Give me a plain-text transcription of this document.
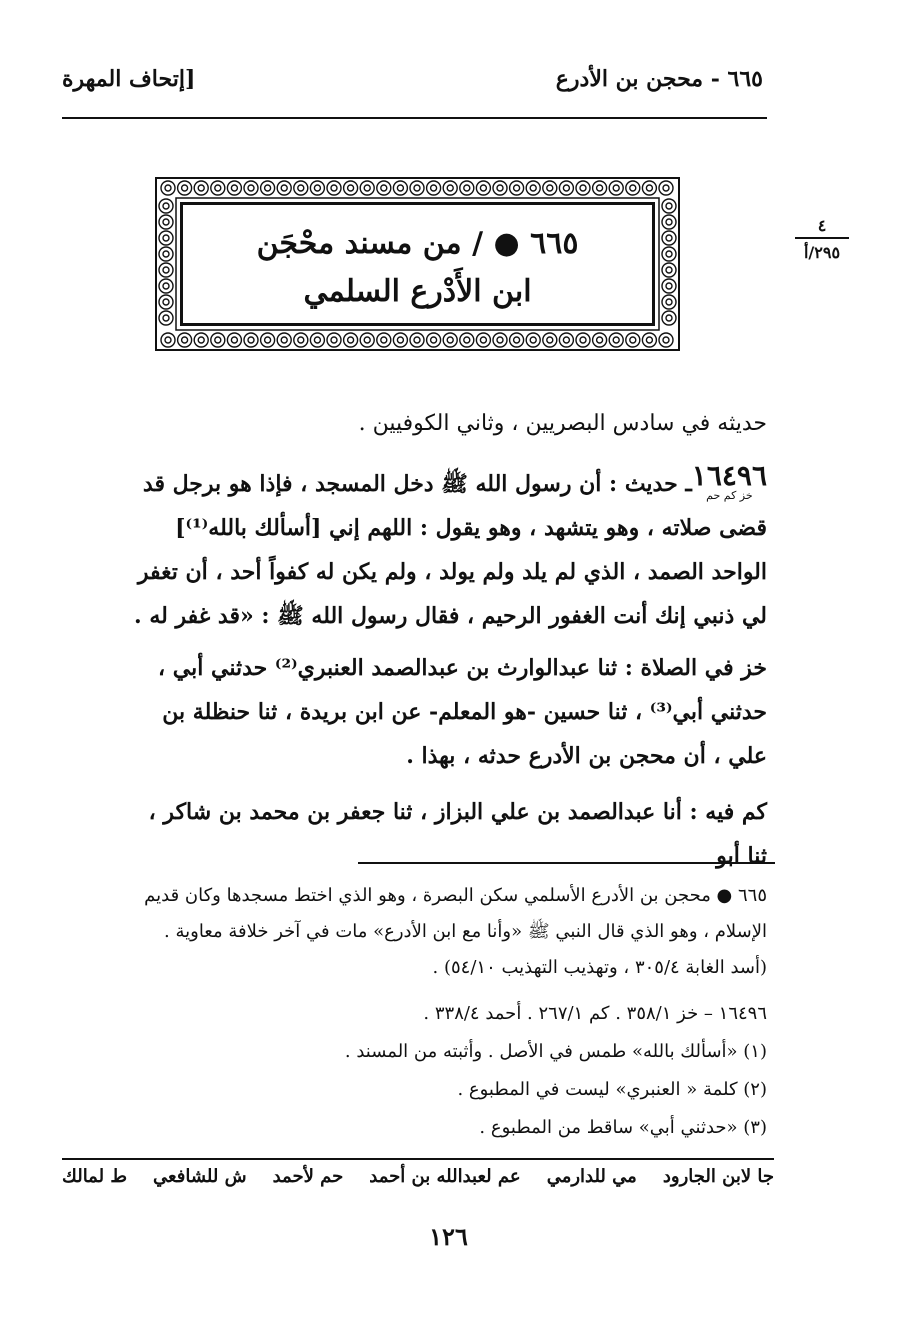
٦٦٥ - محجن بن الأدرع
[إتحاف المهرة
٤
٢٩٥/أ
٦٦٥ ● / من مسند محْجَن
ابن الأَدْرع السلمي
حديثه في سادس البصريين ، وثاني الكوفيين .
١٦٤٩٦
خز كم حم
ـ حديث : أن رسول الله ﷺ دخل المسجد ، فإذا هو برجل قد قضى صلاته ، وهو يتشهد ، وهو يقول : اللهم إني [أسألك بالله⁽¹⁾] الواحد الصمد ، الذي لم يلد ولم يولد ، ولم يكن له كفواً أحد ، أن تغفر لي ذنبي إنك أنت الغفور الرحيم ، فقال رسول الله ﷺ : «قد غفر له .
خز في الصلاة : ثنا عبدالوارث بن عبدالصمد العنبري⁽²⁾ حدثني أبي ، حدثني أبي⁽³⁾ ، ثنا حسين -هو المعلم- عن ابن بريدة ، ثنا حنظلة بن علي ، أن محجن بن الأدرع حدثه ، بهذا .
كم فيه : أنا عبدالصمد بن علي البزاز ، ثنا جعفر بن محمد بن شاكر ، ثنا أبو
٦٦٥ ● محجن بن الأدرع الأسلمي سكن البصرة ، وهو الذي اختط مسجدها وكان قديم الإسلام ، وهو الذي قال النبي ﷺ «وأنا مع ابن الأدرع» مات في آخر خلافة معاوية . (أسد الغابة ٣٠٥/٤ ، وتهذيب التهذيب ٥٤/١٠) .
١٦٤٩٦ – خز ٣٥٨/١ . كم ٢٦٧/١ . أحمد ٣٣٨/٤ .
(١) «أسألك بالله» طمس في الأصل . وأثبته من المسند .
(٢) كلمة « العنبري» ليست في المطبوع .
(٣) «حدثني أبي» ساقط من المطبوع .
ط لمالك ش للشافعي حم لأحمد عم لعبدالله بن أحمد مي للدارمي جا لابن الجارود
١٢٦
